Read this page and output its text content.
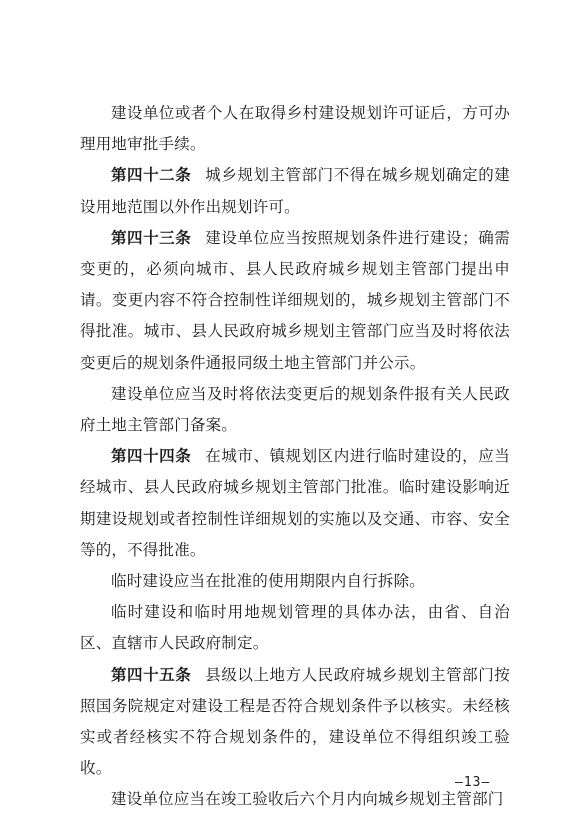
建设单位或者个人在取得乡村建设规划许可证后，方可办理用地审批手续。

第四十二条 城乡规划主管部门不得在城乡规划确定的建设用地范围以外作出规划许可。

第四十三条 建设单位应当按照规划条件进行建设；确需变更的，必须向城市、县人民政府城乡规划主管部门提出申请。变更内容不符合控制性详细规划的，城乡规划主管部门不得批准。城市、县人民政府城乡规划主管部门应当及时将依法变更后的规划条件通报同级土地主管部门并公示。

建设单位应当及时将依法变更后的规划条件报有关人民政府土地主管部门备案。

第四十四条 在城市、镇规划区内进行临时建设的，应当经城市、县人民政府城乡规划主管部门批准。临时建设影响近期建设规划或者控制性详细规划的实施以及交通、市容、安全等的，不得批准。

临时建设应当在批准的使用期限内自行拆除。

临时建设和临时用地规划管理的具体办法，由省、自治区、直辖市人民政府制定。

第四十五条 县级以上地方人民政府城乡规划主管部门按照国务院规定对建设工程是否符合规划条件予以核实。未经核实或者经核实不符合规划条件的，建设单位不得组织竣工验收。

建设单位应当在竣工验收后六个月内向城乡规划主管部门

—13—
